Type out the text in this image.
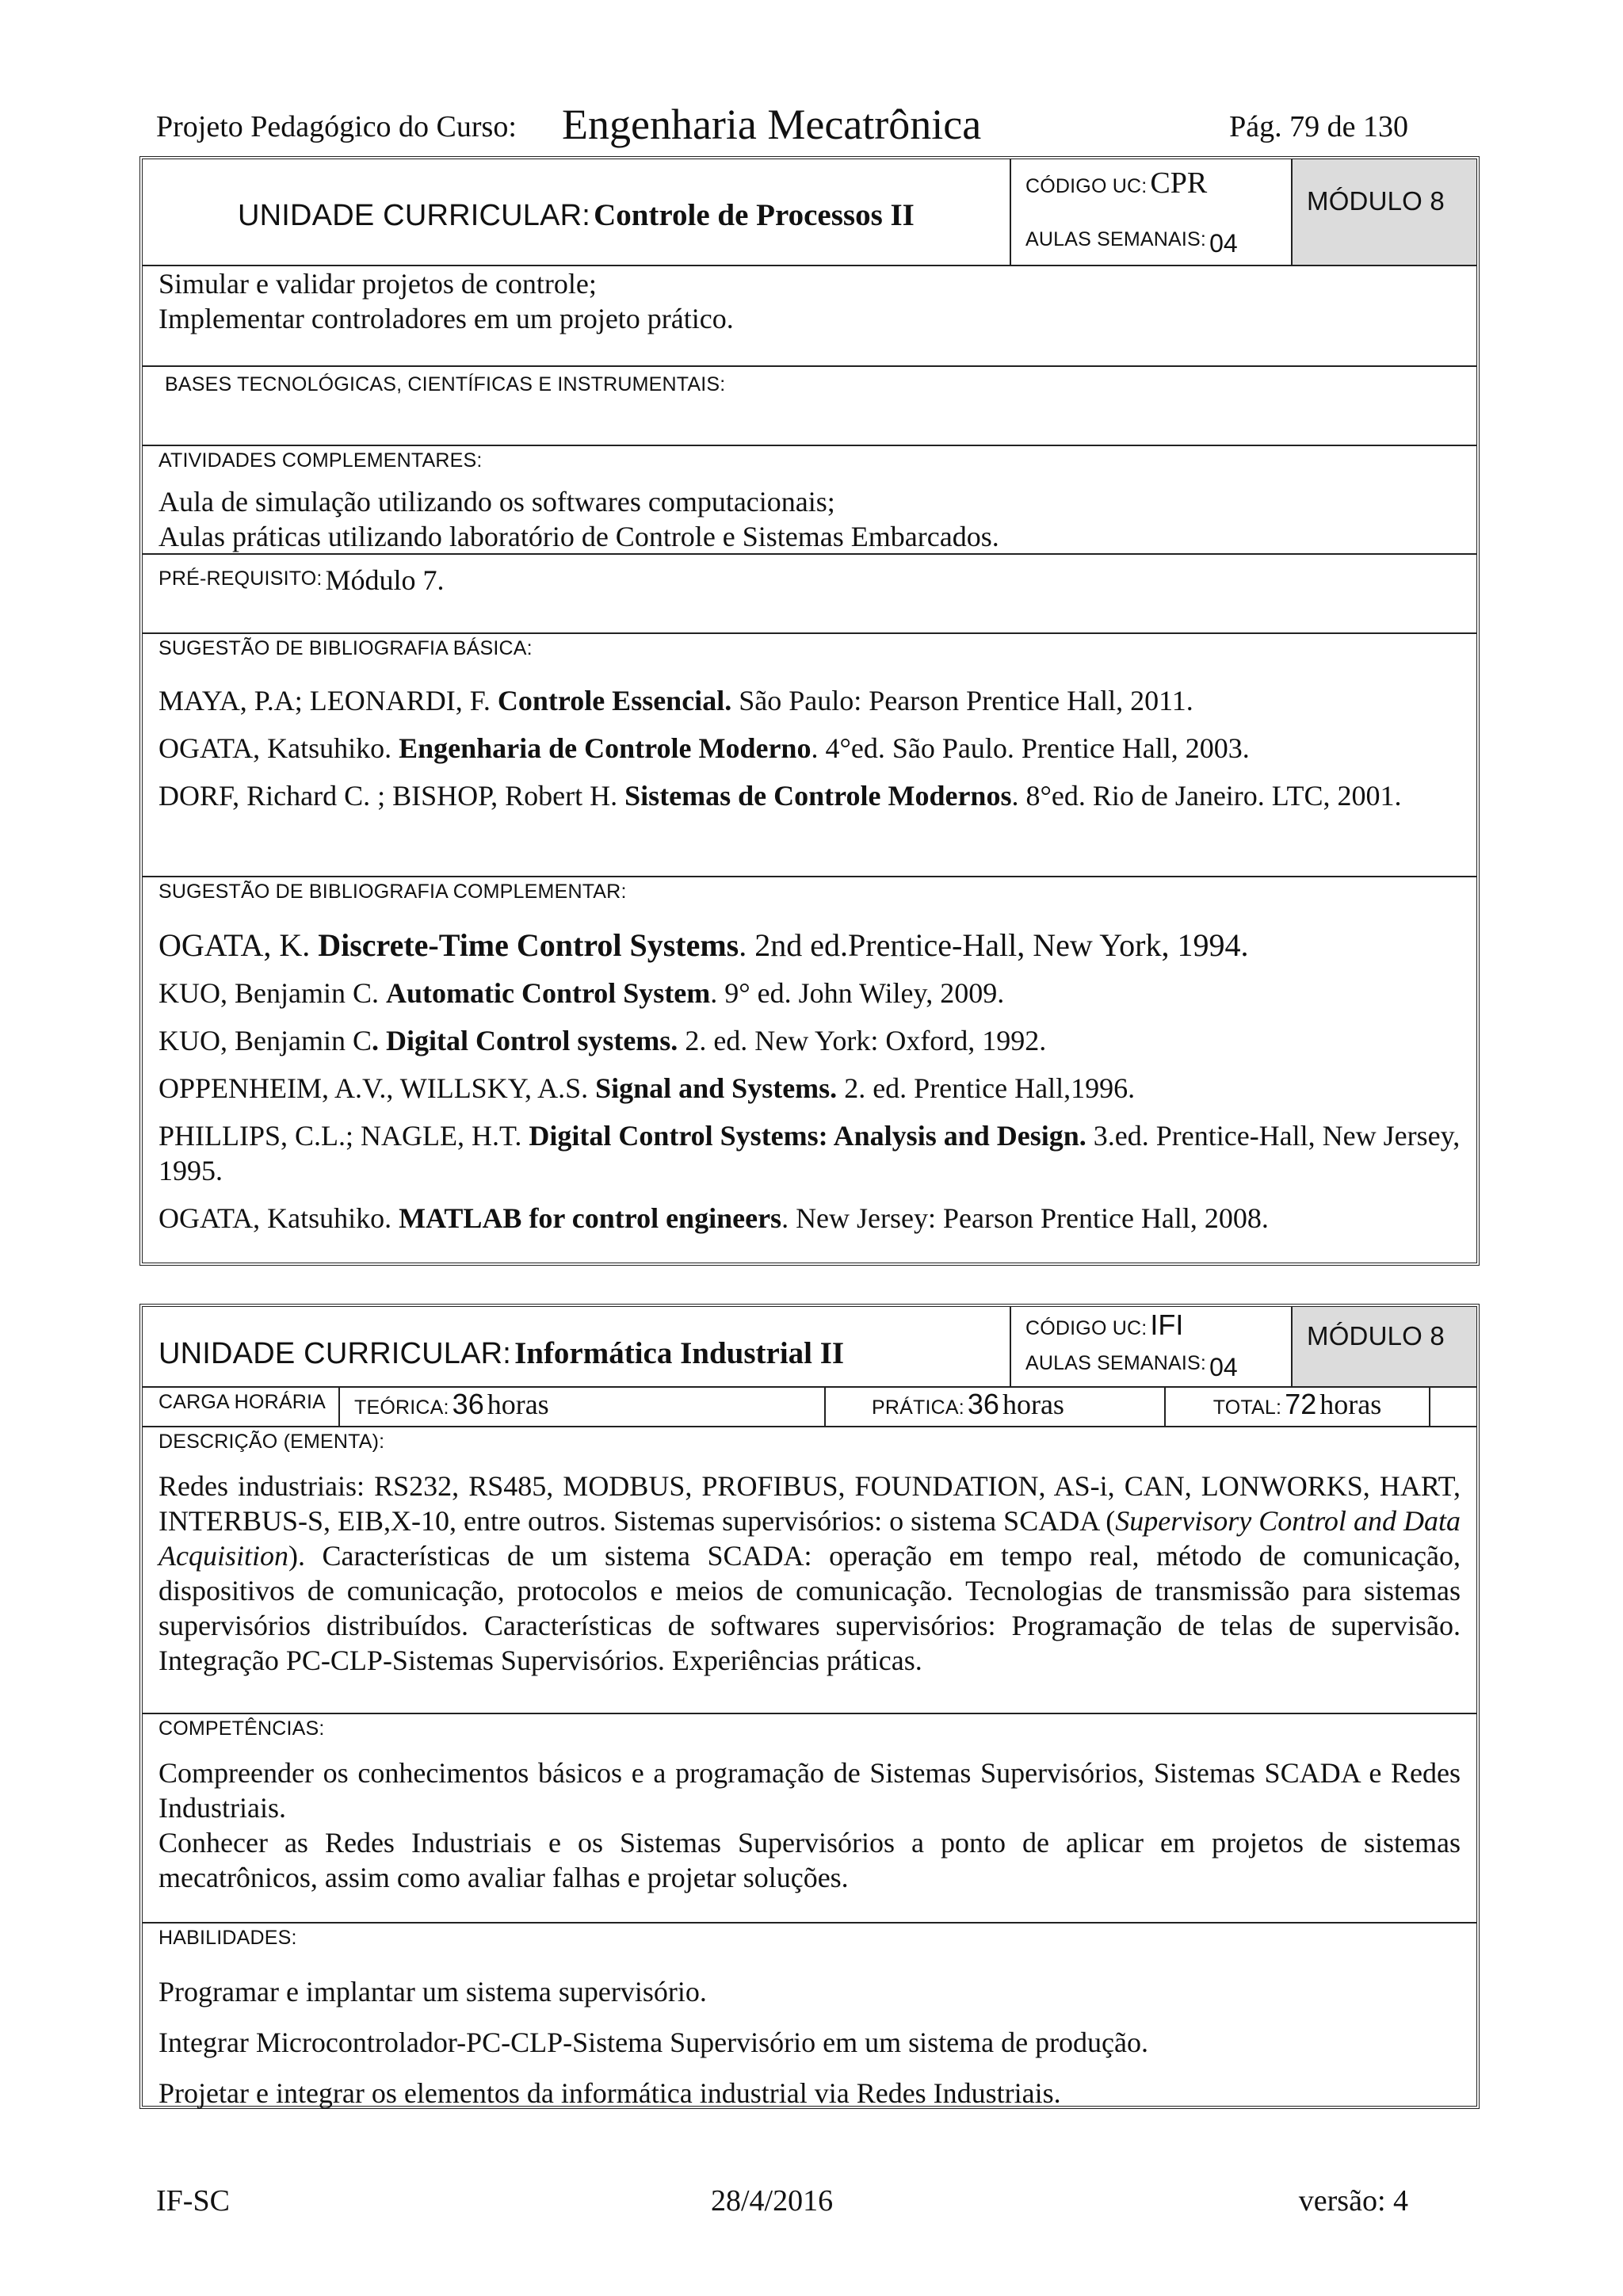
Projeto Pedagógico do Curso: Engenharia Mecatrônica	Pág. 79 de 130
UNIDADE CURRICULAR: Controle de Processos II
CÓDIGO UC: CPR
AULAS SEMANAIS: 04
MÓDULO 8
Simular e validar projetos de controle;
Implementar controladores em um projeto prático.
BASES TECNOLÓGICAS, CIENTÍFICAS E INSTRUMENTAIS:
ATIVIDADES COMPLEMENTARES:
Aula de simulação utilizando os softwares computacionais;
Aulas práticas utilizando laboratório de Controle e Sistemas Embarcados.
PRÉ-REQUISITO: Módulo 7.
SUGESTÃO DE BIBLIOGRAFIA BÁSICA:

MAYA, P.A; LEONARDI, F. Controle Essencial. São Paulo: Pearson Prentice Hall, 2011.

OGATA, Katsuhiko. Engenharia de Controle Moderno. 4°ed. São Paulo. Prentice Hall, 2003.

DORF, Richard C. ; BISHOP, Robert H. Sistemas de Controle Modernos. 8°ed. Rio de Janeiro. LTC, 2001.

SUGESTÃO DE BIBLIOGRAFIA COMPLEMENTAR:

OGATA, K. Discrete-Time Control Systems. 2nd ed.Prentice-Hall, New York, 1994.

KUO, Benjamin C. Automatic Control System. 9° ed. John Wiley, 2009.

KUO, Benjamin C. Digital Control systems. 2. ed. New York: Oxford, 1992.

OPPENHEIM, A.V., WILLSKY, A.S. Signal and Systems. 2. ed. Prentice Hall,1996.

PHILLIPS, C.L.; NAGLE, H.T. Digital Control Systems: Analysis and Design. 3.ed. Prentice-Hall, New Jersey, 1995.

OGATA, Katsuhiko. MATLAB for control engineers. New Jersey: Pearson Prentice Hall, 2008.

UNIDADE CURRICULAR: Informática Industrial II
CÓDIGO UC: IFI
AULAS SEMANAIS: 04
MÓDULO 8
CARGA HORÁRIA TEÓRICA: 36 horas	PRÁTICA: 36 horas	TOTAL: 72 horas
DESCRIÇÃO (EMENTA):
Redes industriais: RS232, RS485, MODBUS, PROFIBUS, FOUNDATION, AS-i, CAN, LONWORKS, HART, INTERBUS-S, EIB,X-10, entre outros. Sistemas supervisórios: o sistema SCADA (Supervisory Control and Data Acquisition). Características de um sistema SCADA: operação em tempo real, método de comunicação, dispositivos de comunicação, protocolos e meios de comunicação. Tecnologias de transmissão para sistemas supervisórios distribuídos. Características de softwares supervisórios: Programação de telas de supervisão. Integração PC-CLP-Sistemas Supervisórios. Experiências práticas.
COMPETÊNCIAS:
Compreender os conhecimentos básicos e a programação de Sistemas Supervisórios, Sistemas SCADA e Redes Industriais.
Conhecer as Redes Industriais e os Sistemas Supervisórios a ponto de aplicar em projetos de sistemas mecatrônicos, assim como avaliar falhas e projetar soluções.
HABILIDADES:

Programar e implantar um sistema supervisório.

Integrar Microcontrolador-PC-CLP-Sistema Supervisório em um sistema de produção.

Projetar e integrar os elementos da informática industrial via Redes Industriais.

IF-SC	28/4/2016	versão: 4
